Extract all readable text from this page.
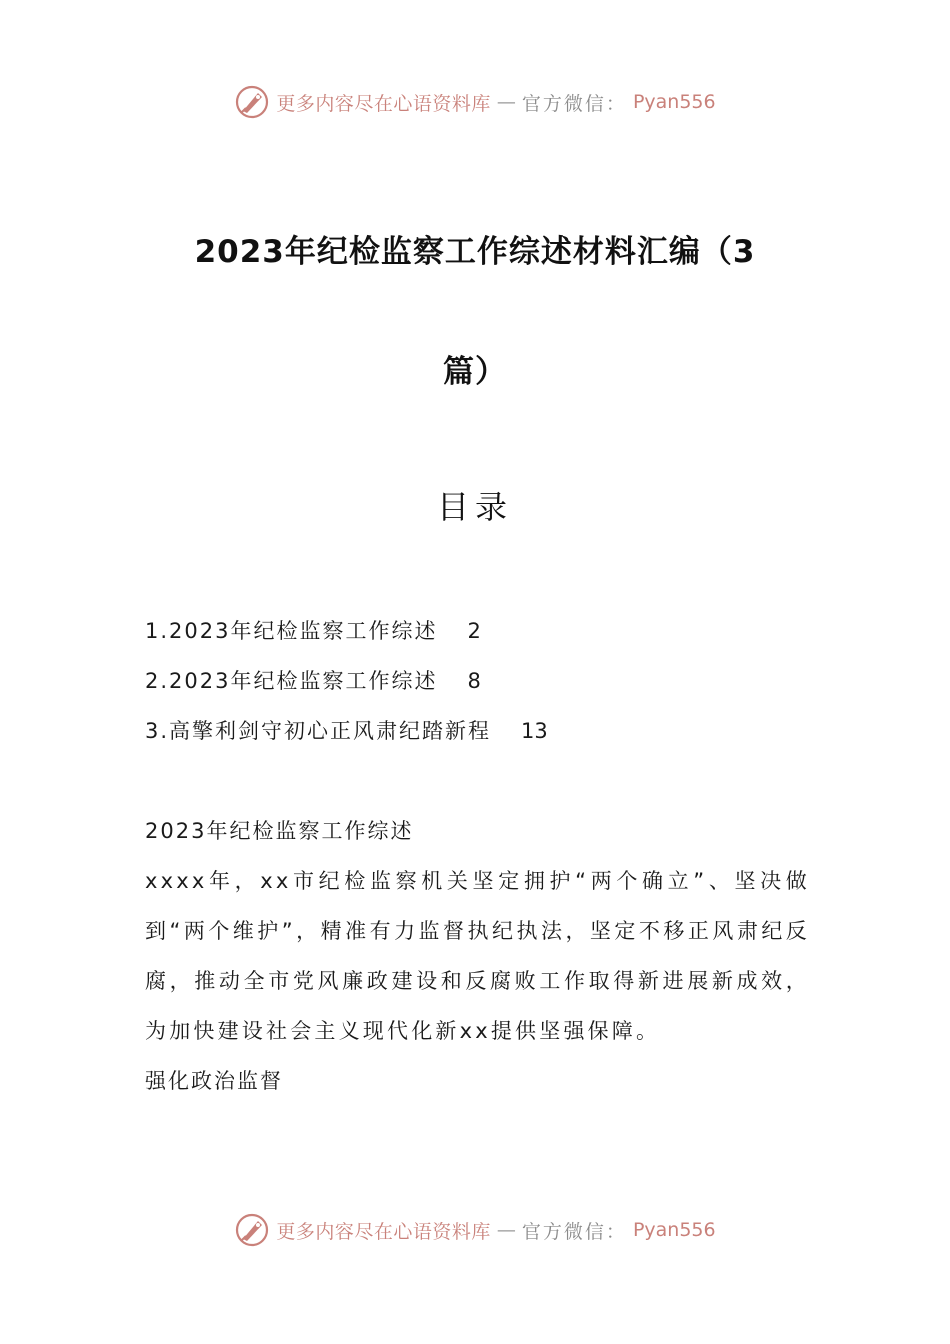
更多内容尽在心语资料库 — 官方微信： Pyan556
2023年纪检监察工作综述材料汇编（3
篇）
目录
1.2023年纪检监察工作综述 2
2.2023年纪检监察工作综述 8
3.高擎利剑守初心正风肃纪踏新程 13
2023年纪检监察工作综述

xxxx年，xx市纪检监察机关坚定拥护“两个确立”、坚决做到“两个维护”，精准有力监督执纪执法，坚定不移正风肃纪反腐，推动全市党风廉政建设和反腐败工作取得新进展新成效，为加快建设社会主义现代化新xx提供坚强保障。

强化政治监督
更多内容尽在心语资料库 — 官方微信： Pyan556
